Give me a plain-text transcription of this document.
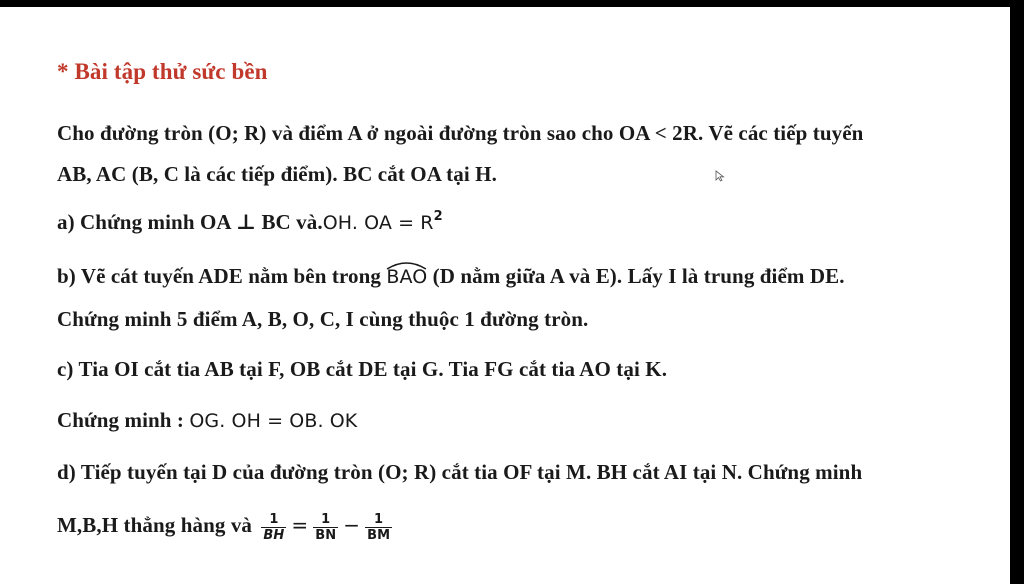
* Bài tập thử sức bền
Cho đường tròn (O; R) và điểm A ở ngoài đường tròn sao cho OA < 2R. Vẽ các tiếp tuyến
AB, AC (B, C là các tiếp điểm). BC cắt OA tại H.
a) Chứng minh OA ⊥ BC và.OH. OA = $R^2$
b) Vẽ cát tuyến ADE nằm bên trong
BAO (D nằm giữa A và E). Lấy I là trung điểm DE.
Chứng minh 5 điểm A, B, O, C, I cùng thuộc 1 đường tròn.
c) Tia OI cắt tia AB tại F, OB cắt DE tại G. Tia FG cắt tia AO tại K.
Chứng minh : OG. OH = OB. OK
d) Tiếp tuyến tại D của đường tròn (O; R) cắt tia OF tại M. BH cắt AI tại N. Chứng minh
M,B,H thẳng hàng và $\frac{1}{BH} = \frac{1}{BN} - \frac{1}{BM}$
